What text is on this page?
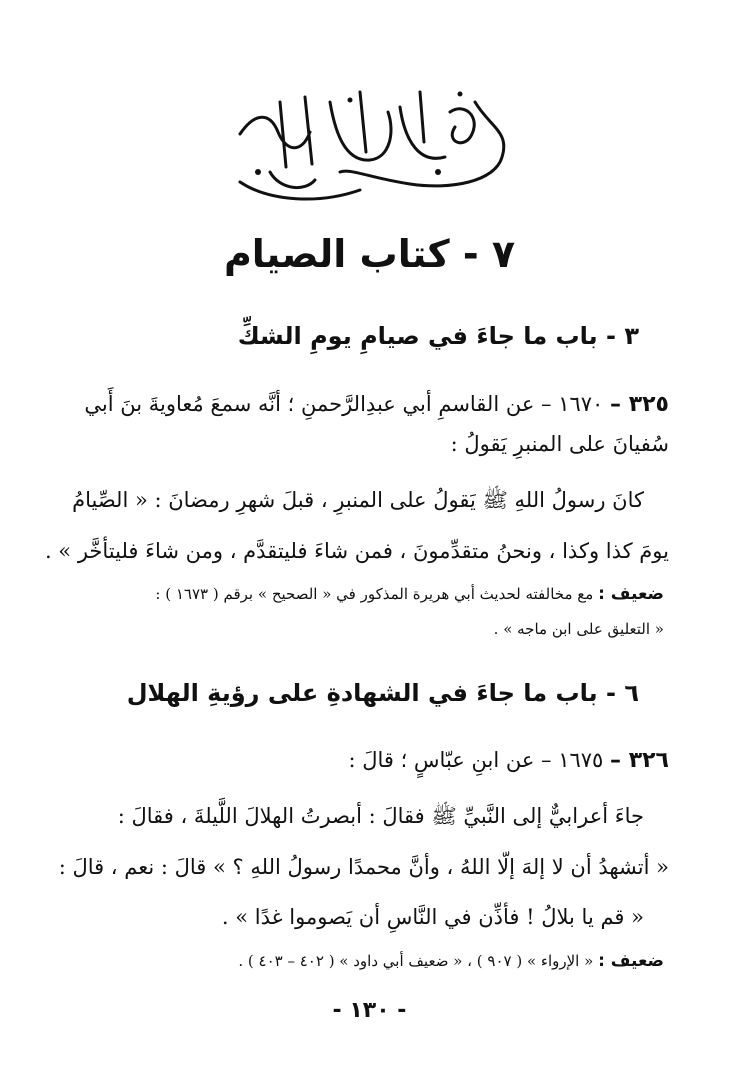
٧ - كتاب الصيام
٣ - باب ما جاءَ في صيامِ يومِ الشكِّ
٣٢٥ – ١٦٧٠ – عن القاسمِ أبي عبدِالرَّحمنِ ؛ أنَّه سمعَ مُعاويةَ بنَ أَبي
سُفيانَ على المنبرِ يَقولُ :
كانَ رسولُ اللهِ ﷺ يَقولُ على المنبرِ ، قبلَ شهرِ رمضانَ : « الصِّيامُ
يومَ كذا وكذا ، ونحنُ متقدِّمونَ ، فمن شاءَ فليتقدَّم ، ومن شاءَ فليتأخَّر » .
ضعيف : مع مخالفته لحديث أبي هريرة المذكور في « الصحيح » برقم ( ١٦٧٣ ) :
« التعليق على ابن ماجه » .
٦ - باب ما جاءَ في الشهادةِ على رؤيةِ الهلال
٣٢٦ – ١٦٧٥ – عن ابنِ عبّاسٍ ؛ قالَ :
جاءَ أعرابيٌّ إلى النَّبيِّ ﷺ فقالَ : أبصرتُ الهلالَ اللَّيلةَ ، فقالَ :
« أتشهدُ أن لا إلهَ إلّا اللهُ ، وأنَّ محمدًا رسولُ اللهِ ؟ » قالَ : نعم ، قالَ :
« قم يا بلالُ ! فأذِّن في النَّاسِ أن يَصوموا غدًا » .
ضعيف : « الإرواء » ( ٩٠٧ ) ، « ضعيف أبي داود » ( ٤٠٢ – ٤٠٣ ) .
- ١٣٠ -
